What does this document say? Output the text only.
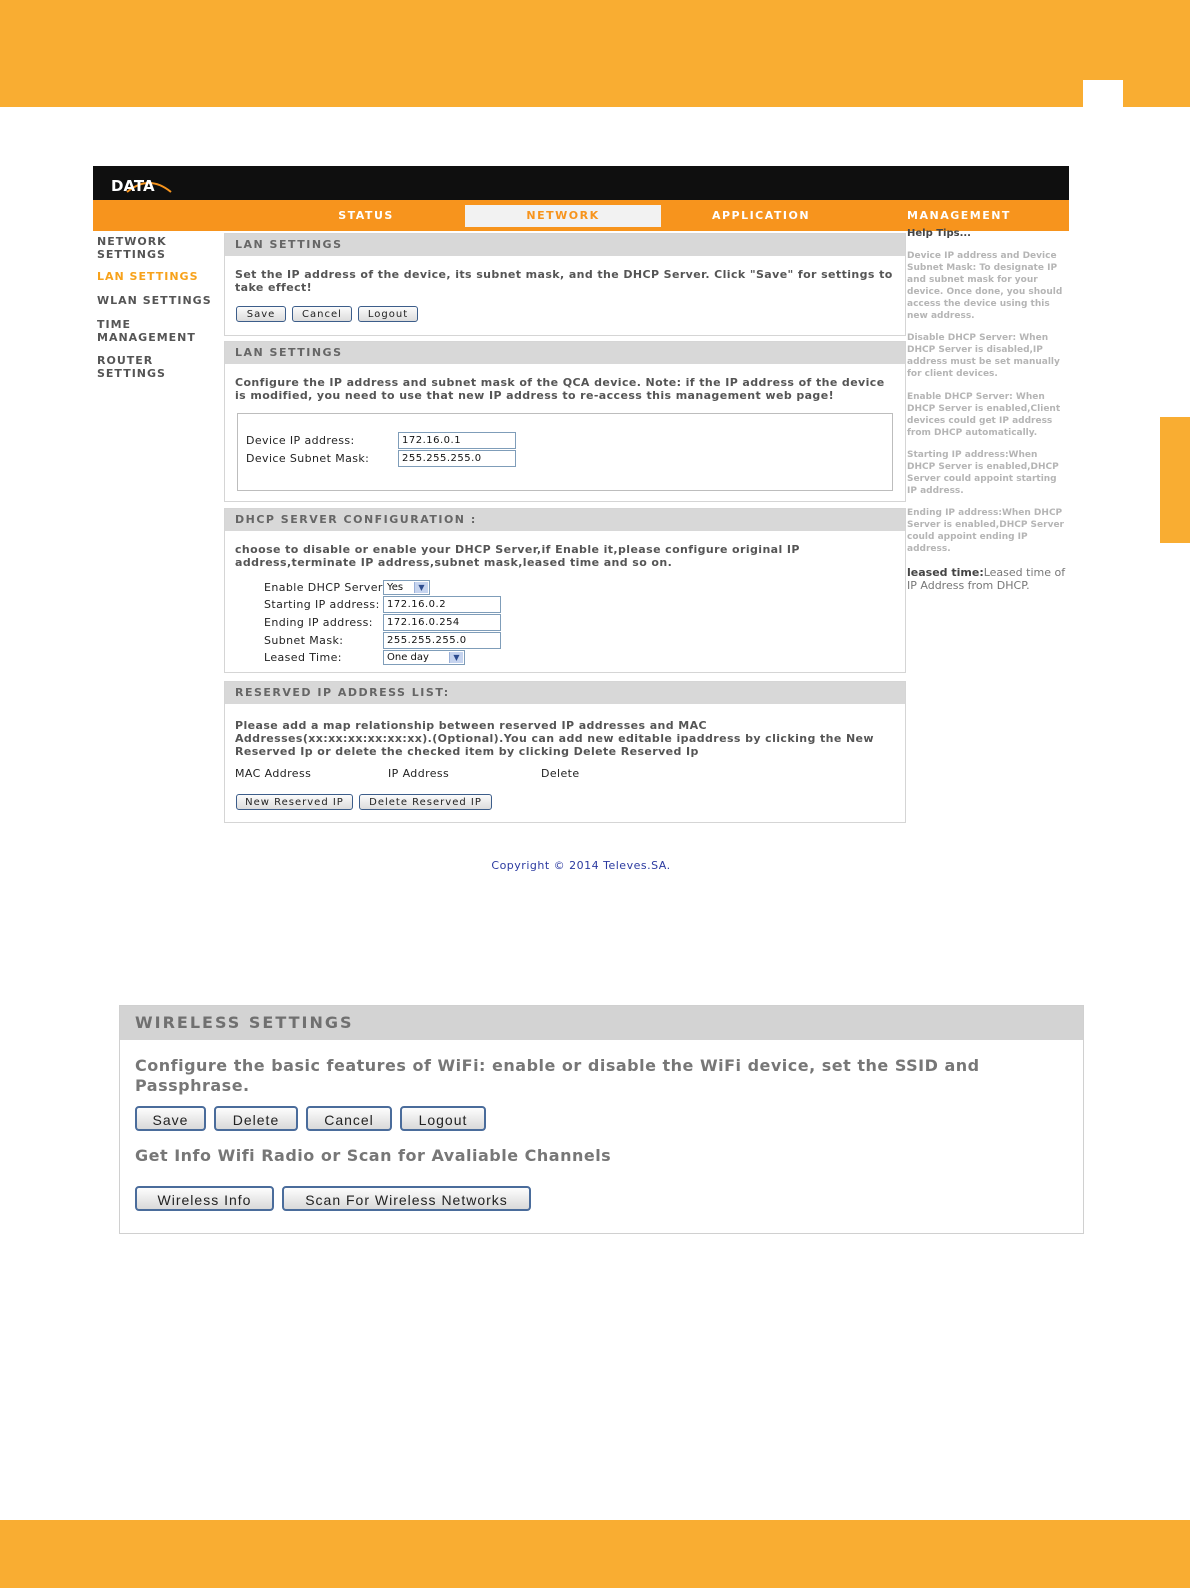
DATA
STATUS	NETWORK	APPLICATION	MANAGEMENT
NETWORK SETTINGS
LAN SETTINGS
WLAN SETTINGS
TIME MANAGEMENT
ROUTER SETTINGS
LAN SETTINGS
Set the IP address of the device, its subnet mask, and the DHCP Server. Click "Save" for settings to take effect!
Save	Cancel	Logout
LAN SETTINGS
Configure the IP address and subnet mask of the QCA device. Note: if the IP address of the device is modified, you need to use that new IP address to re-access this management web page!
Device IP address:	172.16.0.1
Device Subnet Mask:	255.255.255.0
DHCP SERVER CONFIGURATION :
choose to disable or enable your DHCP Server,if Enable it,please configure original IP address,terminate IP address,subnet mask,leased time and so on.
Enable DHCP Server Yes	▼
Starting IP address: 172.16.0.2
Ending IP address:	172.16.0.254
Subnet Mask:	255.255.255.0
Leased Time:	One day	▼
RESERVED IP ADDRESS LIST:
Please add a map relationship between reserved IP addresses and MAC Addresses(xx:xx:xx:xx:xx:xx).(Optional).You can add new editable ipaddress by clicking the New Reserved Ip or delete the checked item by clicking Delete Reserved Ip
MAC Address	IP Address	Delete
New Reserved IP	Delete Reserved IP
Help Tips...
Device IP address and Device Subnet Mask: To designate IP and subnet mask for your device. Once done, you should access the device using this new address.
Disable DHCP Server: When DHCP Server is disabled,IP address must be set manually for client devices.
Enable DHCP Server: When DHCP Server is enabled,Client devices could get IP address from DHCP automatically.
Starting IP address:When DHCP Server is enabled,DHCP Server could appoint starting IP address.
Ending IP address:When DHCP Server is enabled,DHCP Server could appoint ending IP address.
leased time:Leased time of IP Address from DHCP.
Copyright © 2014 Televes.SA.
WIRELESS SETTINGS
Configure the basic features of WiFi: enable or disable the WiFi device, set the SSID and Passphrase.
Save	Delete	Cancel	Logout
Get Info Wifi Radio or Scan for Avaliable Channels
Wireless Info	Scan For Wireless Networks
